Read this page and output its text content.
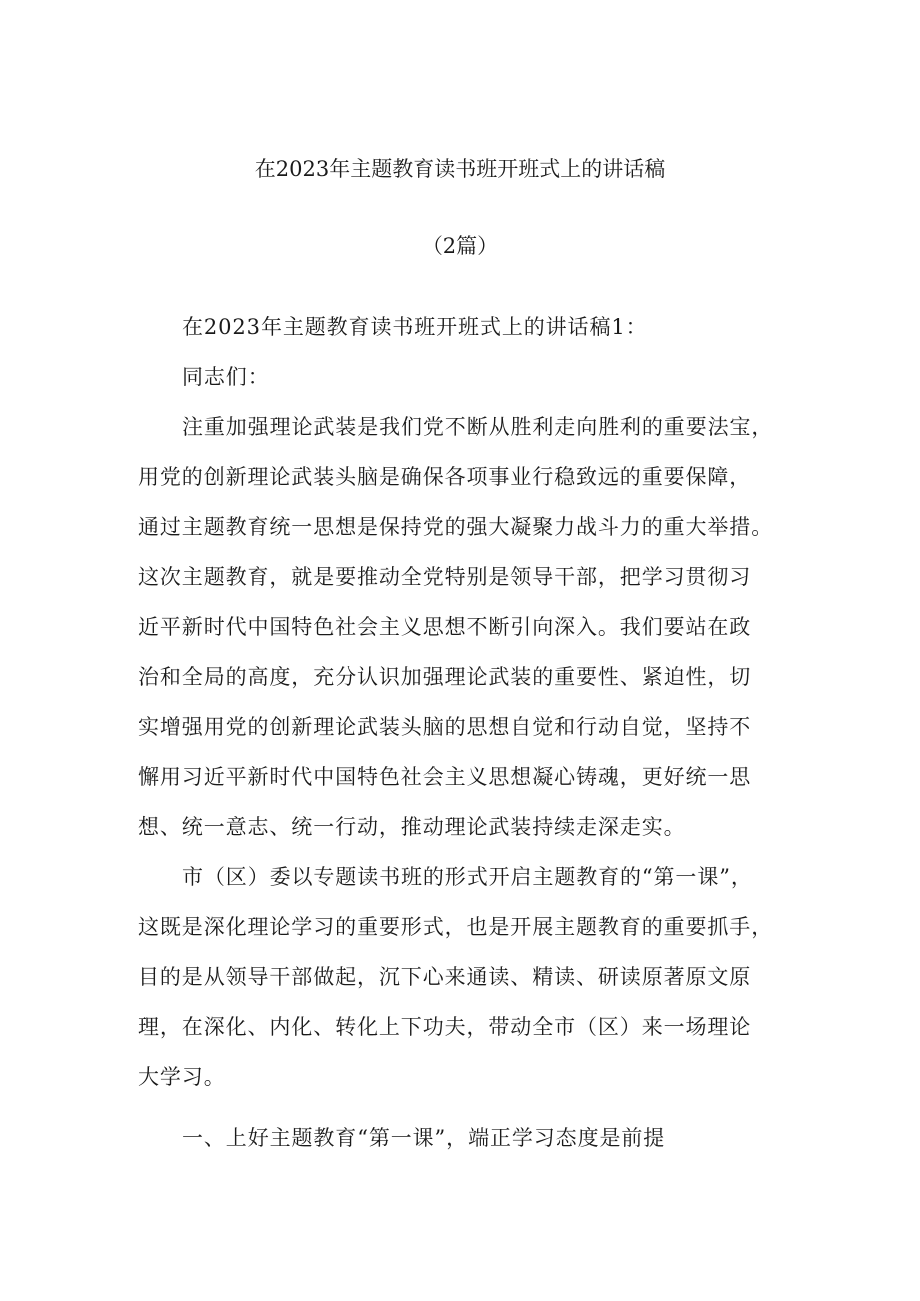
在2023年主题教育读书班开班式上的讲话稿
（2篇）
在2023年主题教育读书班开班式上的讲话稿1：
同志们：
注重加强理论武装是我们党不断从胜利走向胜利的重要法宝，
用党的创新理论武装头脑是确保各项事业行稳致远的重要保障，
通过主题教育统一思想是保持党的强大凝聚力战斗力的重大举措。
这次主题教育，就是要推动全党特别是领导干部，把学习贯彻习
近平新时代中国特色社会主义思想不断引向深入。我们要站在政
治和全局的高度，充分认识加强理论武装的重要性、紧迫性，切
实增强用党的创新理论武装头脑的思想自觉和行动自觉，坚持不
懈用习近平新时代中国特色社会主义思想凝心铸魂，更好统一思
想、统一意志、统一行动，推动理论武装持续走深走实。
市（区）委以专题读书班的形式开启主题教育的“第一课”，
这既是深化理论学习的重要形式，也是开展主题教育的重要抓手，
目的是从领导干部做起，沉下心来通读、精读、研读原著原文原
理，在深化、内化、转化上下功夫，带动全市（区）来一场理论
大学习。
一、上好主题教育“第一课”，端正学习态度是前提
